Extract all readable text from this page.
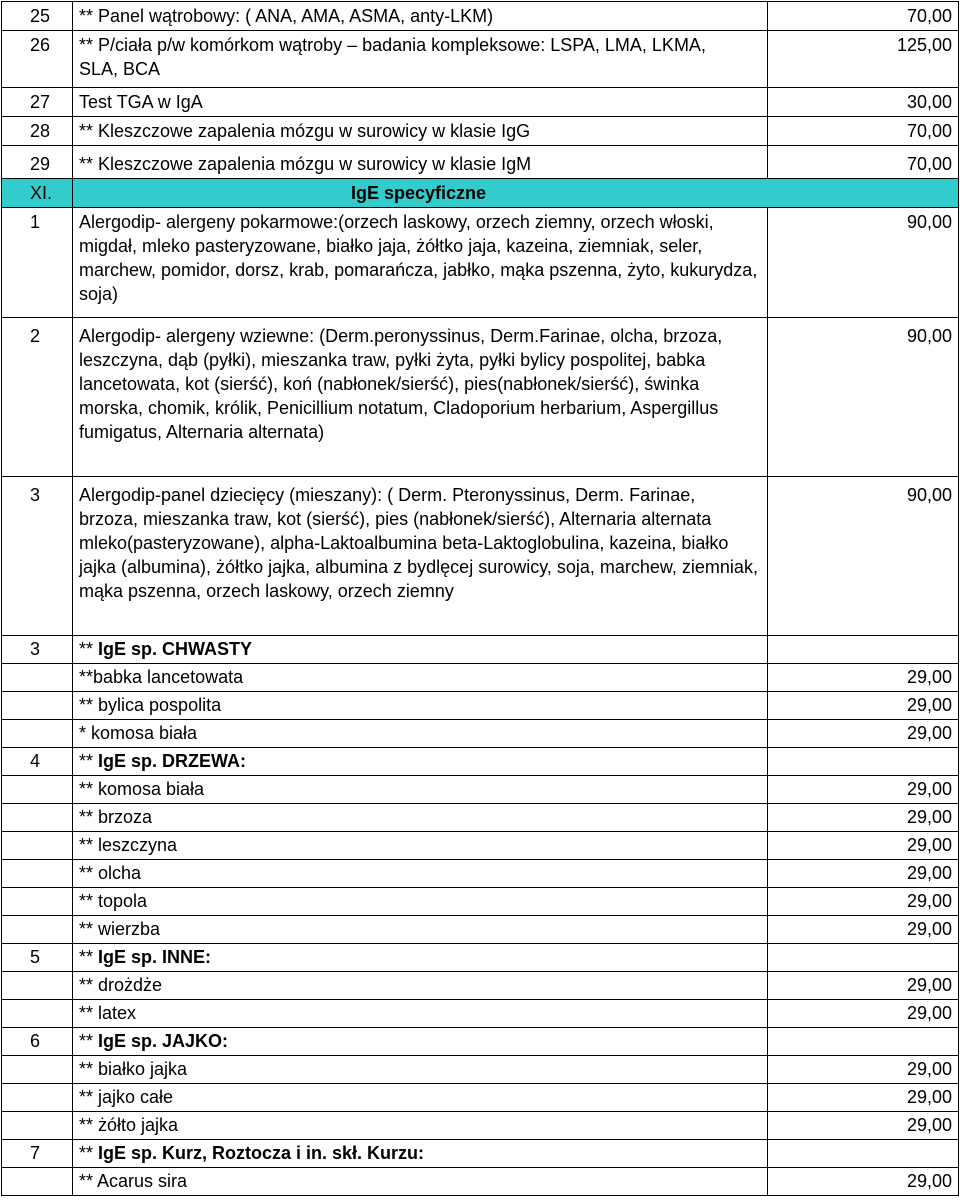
25	** Panel wątrobowy: ( ANA, AMA, ASMA, anty-LKM)	70,00
26	** P/ciała p/w komórkom wątroby – badania kompleksowe: LSPA, LMA, LKMA, SLA, BCA	125,00
27	Test TGA w IgA	30,00
28	** Kleszczowe zapalenia mózgu w surowicy w klasie IgG	70,00
29	** Kleszczowe zapalenia mózgu w surowicy w klasie IgM	70,00
XI.	IgE specyficzne	
1	Alergodip- alergeny pokarmowe:(orzech laskowy, orzech ziemny, orzech włoski, migdał, mleko pasteryzowane, białko jaja, żółtko jaja, kazeina, ziemniak, seler, marchew, pomidor, dorsz, krab, pomarańcza, jabłko, mąka pszenna, żyto, kukurydza, soja)	90,00
2	Alergodip- alergeny wziewne: (Derm.peronyssinus, Derm.Farinae, olcha, brzoza, leszczyna, dąb (pyłki), mieszanka traw, pyłki żyta, pyłki bylicy pospolitej, babka lancetowata, kot (sierść), koń (nabłonek/sierść), pies(nabłonek/sierść), świnka morska, chomik, królik, Penicillium notatum, Cladoporium herbarium, Aspergillus fumigatus, Alternaria alternata)	90,00
3	Alergodip-panel dziecięcy (mieszany): ( Derm. Pteronyssinus, Derm. Farinae, brzoza, mieszanka traw, kot (sierść), pies (nabłonek/sierść), Alternaria alternata mleko(pasteryzowane), alpha-Laktoalbumina beta-Laktoglobulina, kazeina, białko jajka (albumina), żółtko jajka, albumina z bydlęcej surowicy, soja, marchew, ziemniak, mąka pszenna, orzech laskowy, orzech ziemny	90,00
3	** IgE sp. CHWASTY	
	**babka lancetowata	29,00
	** bylica pospolita	29,00
	* komosa biała	29,00
4	** IgE sp. DRZEWA:	
	** komosa biała	29,00
	** brzoza	29,00
	** leszczyna	29,00
	** olcha	29,00
	** topola	29,00
	** wierzba	29,00
5	** IgE sp. INNE:	
	** drożdże	29,00
	** latex	29,00
6	** IgE sp. JAJKO:	
	** białko jajka	29,00
	** jajko całe	29,00
	** żółto jajka	29,00
7	** IgE sp. Kurz, Roztocza i in. skł. Kurzu:	
	** Acarus sira	29,00
